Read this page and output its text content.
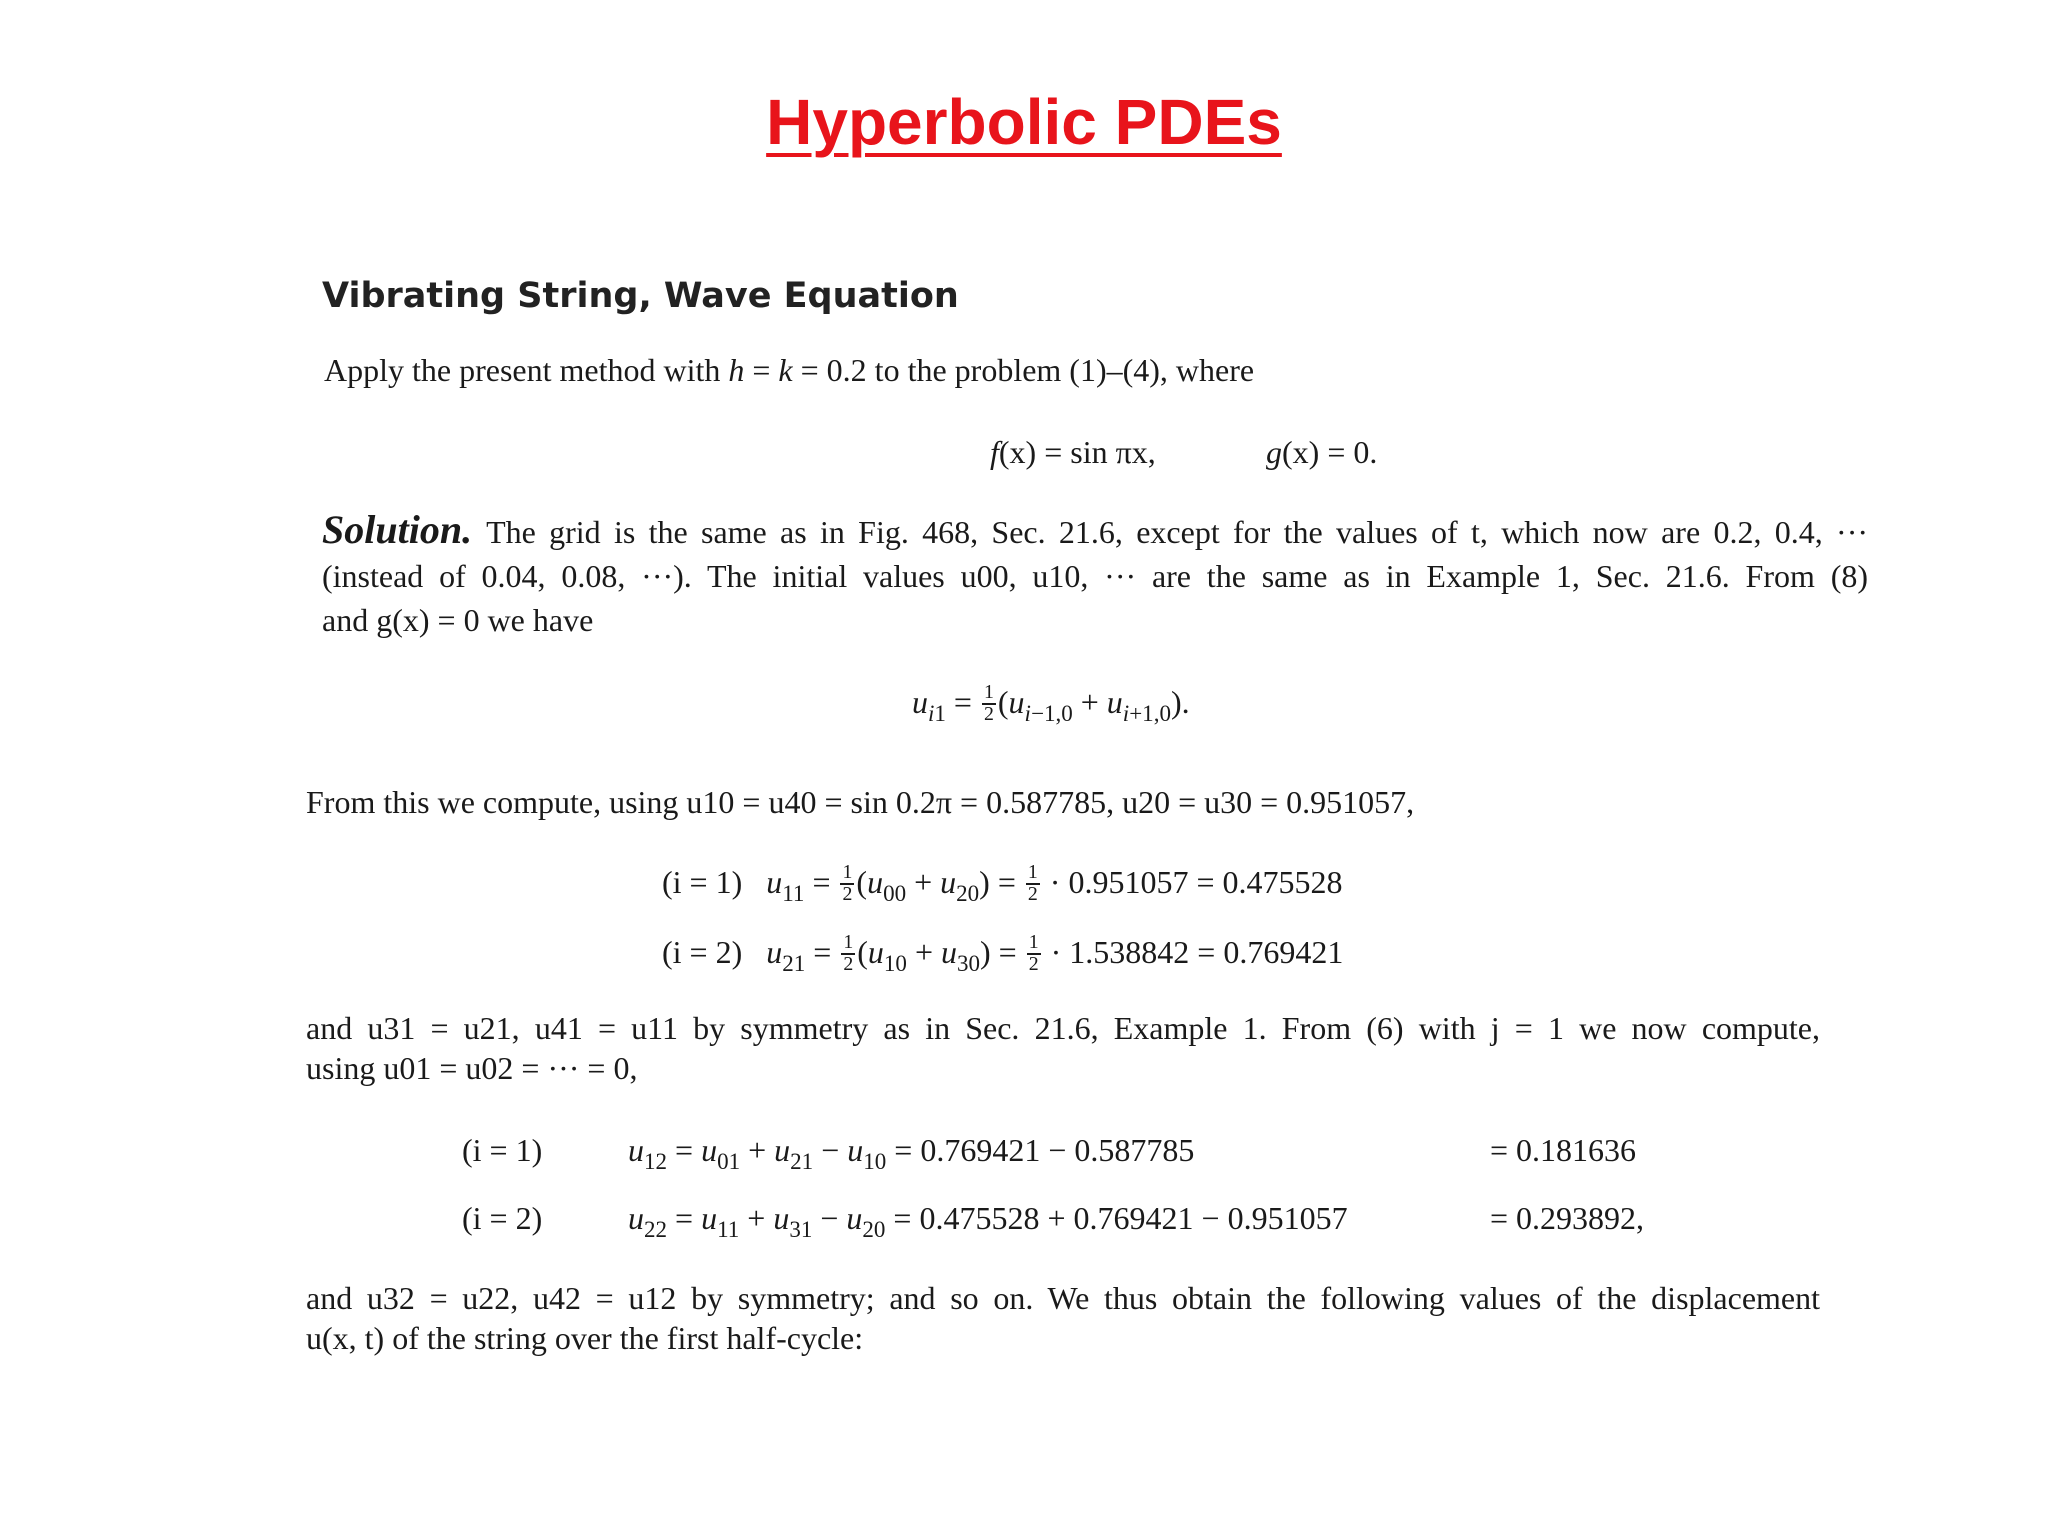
Hyperbolic PDEs
Vibrating String, Wave Equation
Apply the present method with h = k = 0.2 to the problem (1)–(4), where
f(x) = sin πx,	g(x) = 0.
Solution. The grid is the same as in Fig. 468, Sec. 21.6, except for the values of t, which now are 0.2, 0.4, ···
(instead of 0.04, 0.08, ···). The initial values u00, u10, ··· are the same as in Example 1, Sec. 21.6. From (8)
and g(x) = 0 we have
$u_{i1} = \frac{1}{2} (u_{i-1,0} + u_{i+1,0})$.
From this we compute, using u10 = u40 = sin 0.2π = 0.587785, u20 = u30 = 0.951057,
(i = 1) $u_{11} = \frac{1}{2} (u_{00} + u_{20}) = \frac{1}{2} \cdot 0.951057 = 0.475528$
(i = 2) $u_{21} = \frac{1}{2} (u_{10} + u_{30}) = \frac{1}{2} \cdot 1.538842 = 0.769421$
and u31 = u21, u41 = u11 by symmetry as in Sec. 21.6, Example 1. From (6) with j = 1 we now compute,
using u01 = u02 = ··· = 0,
(i = 1)	$u_{12} = u_{01} + u_{21} - u_{10} = 0.769421 - 0.587785$	= 0.181636
(i = 2)	$u_{22} = u_{11} + u_{31} - u_{20} = 0.475528 + 0.769421 - 0.951057$	= 0.293892,
and u32 = u22, u42 = u12 by symmetry; and so on. We thus obtain the following values of the displacement
u(x, t) of the string over the first half-cycle:
